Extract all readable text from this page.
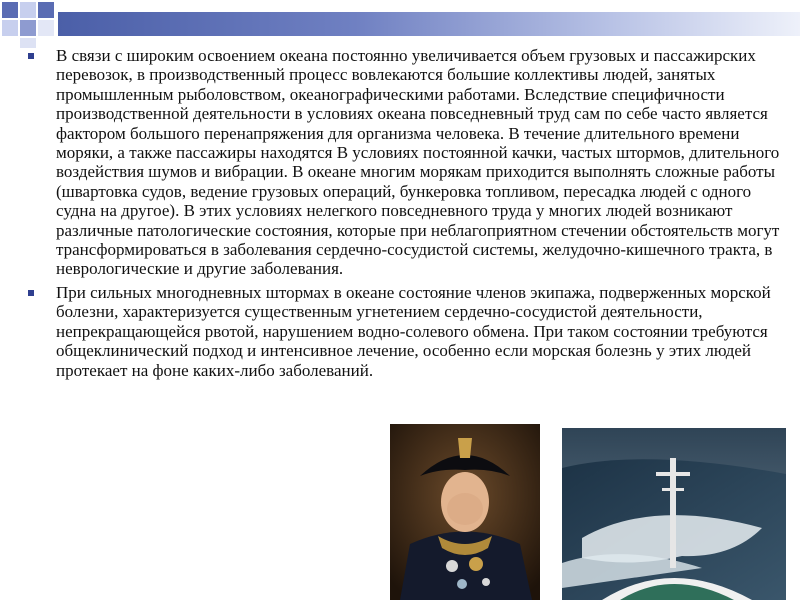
В связи с широким освоением океана постоянно увеличивается объем грузовых и пассажирских перевозок, в производственный процесс вовлекаются большие коллективы людей, занятых промышленным рыболовством, океанографическими работами. Вследствие специфичности производственной деятельности в условиях океана повседневный труд сам по себе часто является фактором большого перенапряжения для организма человека. В течение длительного времени моряки, а также пассажиры находятся В условиях постоянной качки, частых штормов, длительного воздействия шумов и вибрации. В океане многим морякам приходится выполнять сложные работы (швартовка судов, ведение грузовых операций, бункеровка топливом, пересадка людей с одного судна на другое). В этих условиях нелегкого повседневного труда у многих людей возникают различные патологические состояния, которые при неблагоприятном стечении обстоятельств могут трансформироваться в заболевания сердечно-сосудистой системы, желудочно-кишечного тракта, в неврологические и другие заболевания.
При сильных многодневных штормах в океане состояние членов экипажа, подверженных морской болезни, характеризуется существенным угнетением сердечно-сосудистой деятельности, непрекращающейся рвотой, нарушением водно-солевого обмена. При таком состоянии требуются общеклинический подход и интенсивное лечение, особенно если морская болезнь у этих людей протекает на фоне каких-либо заболеваний.
